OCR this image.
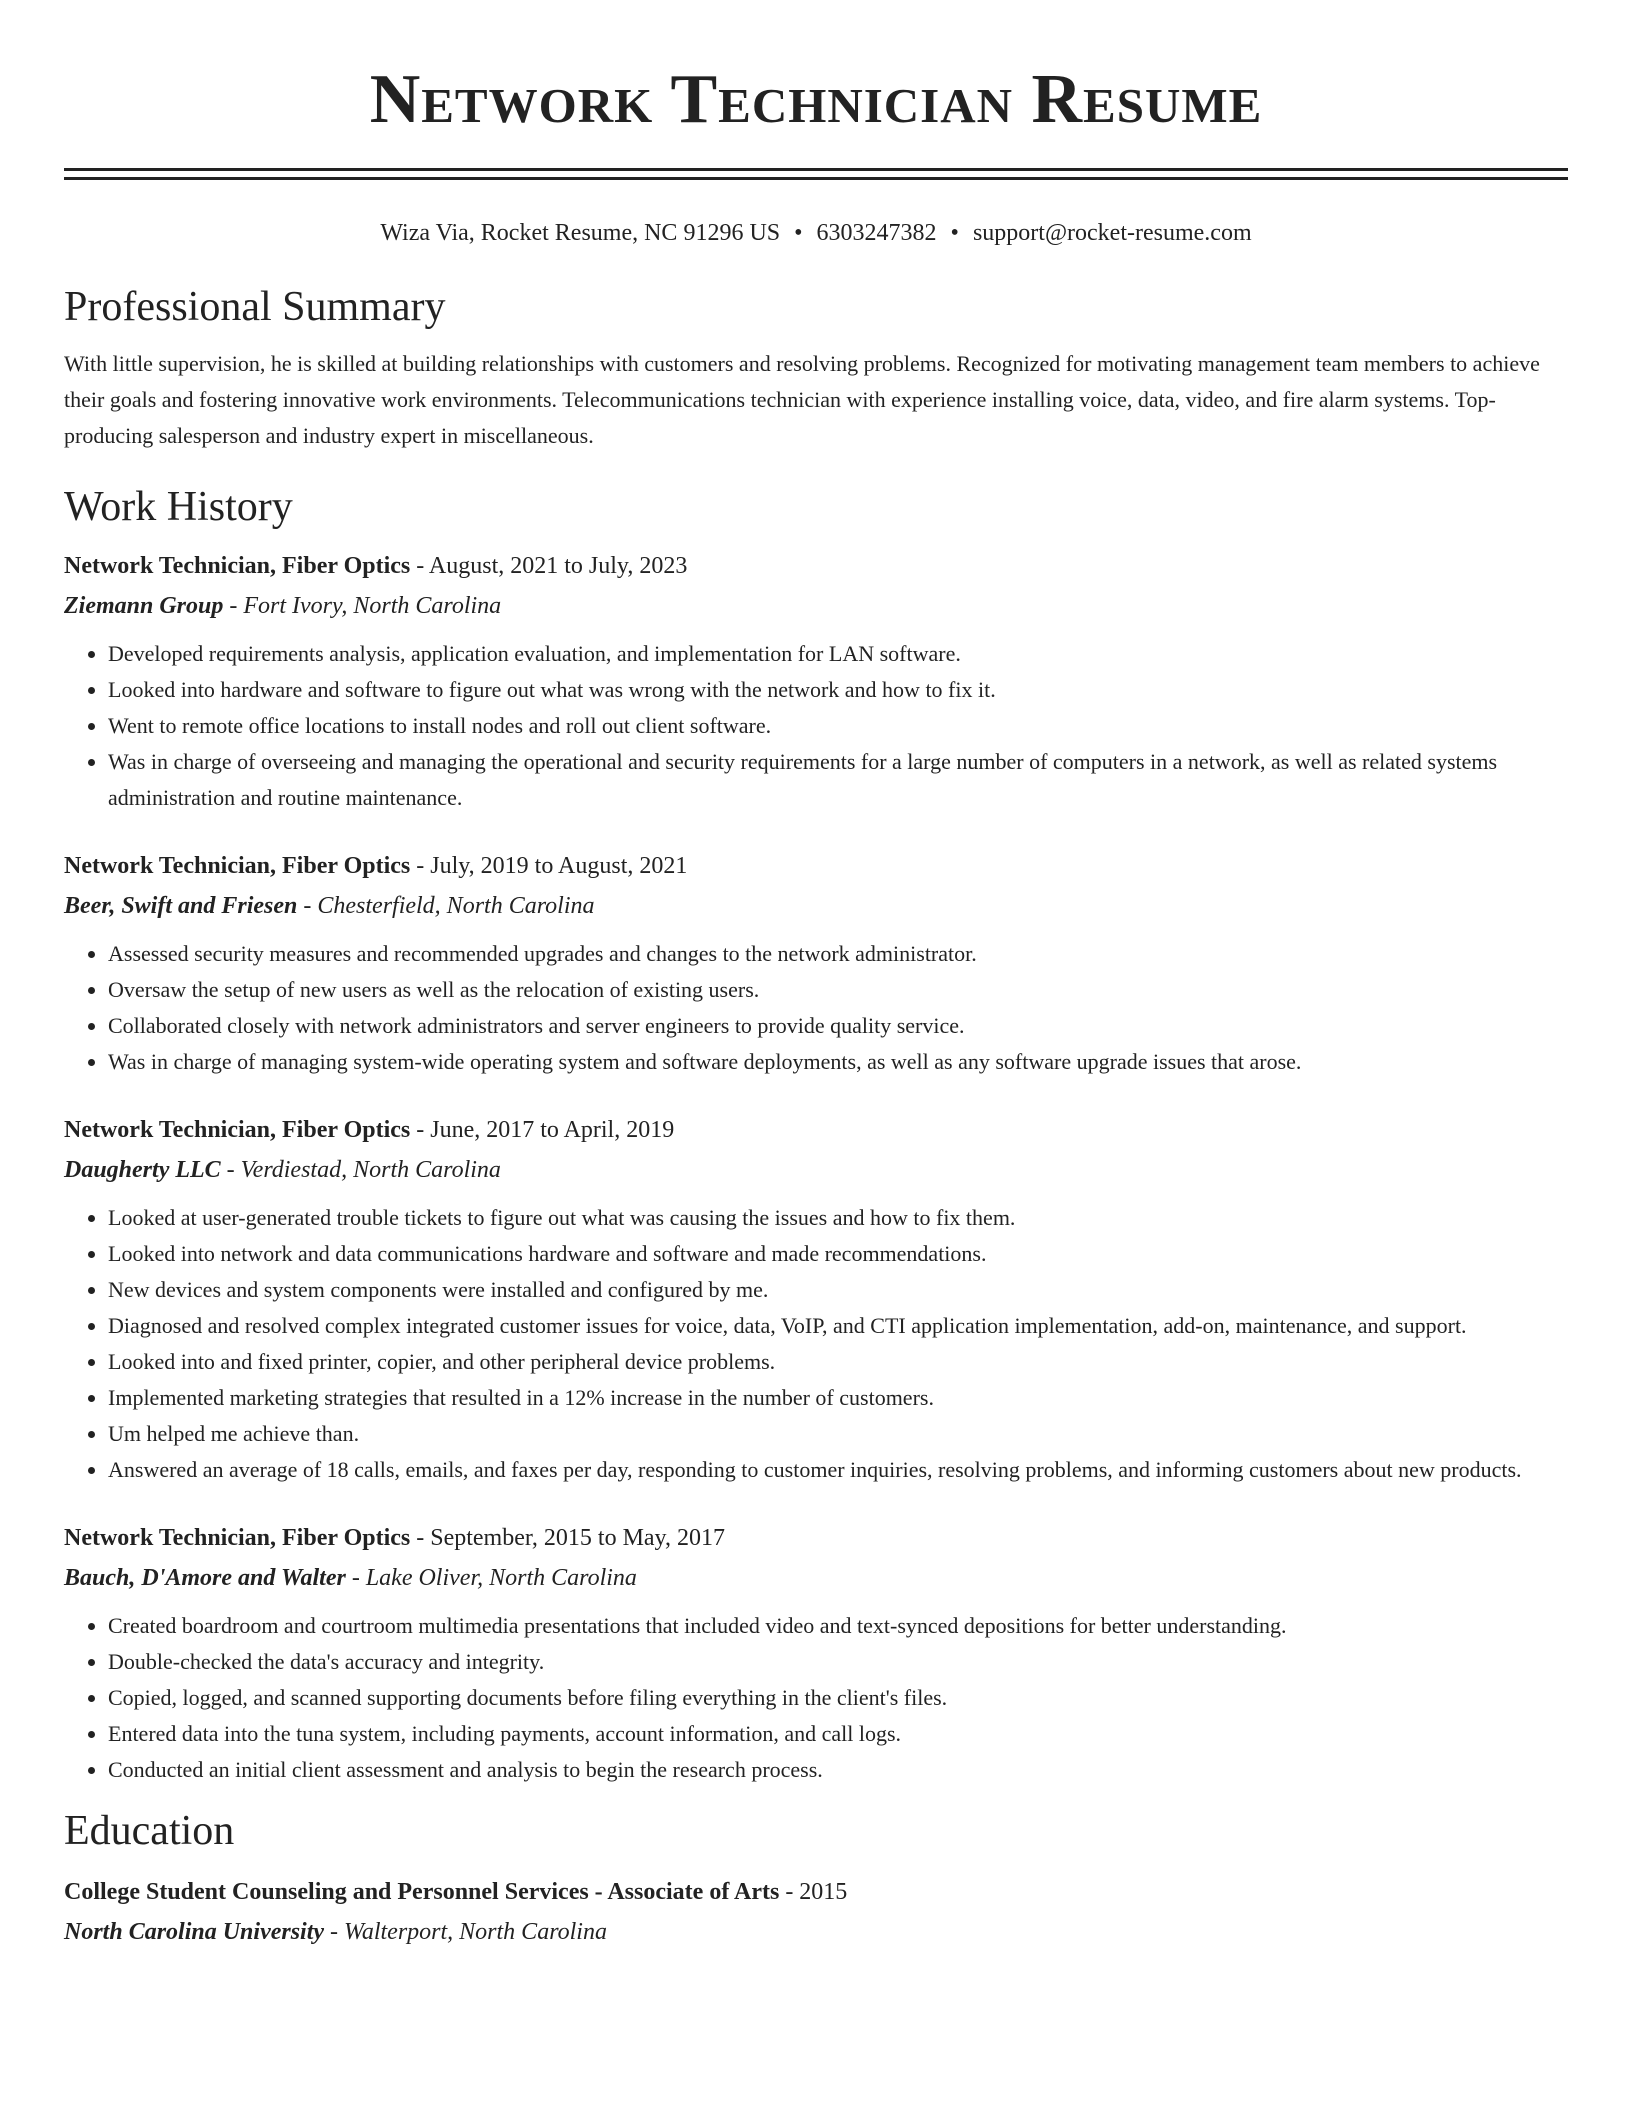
Network Technician Resume
Wiza Via, Rocket Resume, NC 91296 US • 6303247382 • support@rocket-resume.com
Professional Summary

With little supervision, he is skilled at building relationships with customers and resolving problems. Recognized for motivating management team members to achieve their goals and fostering innovative work environments. Telecommunications technician with experience installing voice, data, video, and fire alarm systems. Top-producing salesperson and industry expert in miscellaneous.

Work History
Network Technician, Fiber Optics - August, 2021 to July, 2023
Ziemann Group - Fort Ivory, North Carolina
• Developed requirements analysis, application evaluation, and implementation for LAN software.
• Looked into hardware and software to figure out what was wrong with the network and how to fix it.
• Went to remote office locations to install nodes and roll out client software.
• Was in charge of overseeing and managing the operational and security requirements for a large number of computers in a network, as well as related systems administration and routine maintenance.
Network Technician, Fiber Optics - July, 2019 to August, 2021
Beer, Swift and Friesen - Chesterfield, North Carolina
• Assessed security measures and recommended upgrades and changes to the network administrator.
• Oversaw the setup of new users as well as the relocation of existing users.
• Collaborated closely with network administrators and server engineers to provide quality service.
• Was in charge of managing system-wide operating system and software deployments, as well as any software upgrade issues that arose.
Network Technician, Fiber Optics - June, 2017 to April, 2019
Daugherty LLC - Verdiestad, North Carolina
• Looked at user-generated trouble tickets to figure out what was causing the issues and how to fix them.
• Looked into network and data communications hardware and software and made recommendations.
• New devices and system components were installed and configured by me.
• Diagnosed and resolved complex integrated customer issues for voice, data, VoIP, and CTI application implementation, add-on, maintenance, and support.
• Looked into and fixed printer, copier, and other peripheral device problems.
• Implemented marketing strategies that resulted in a 12% increase in the number of customers.
• Um helped me achieve than.
• Answered an average of 18 calls, emails, and faxes per day, responding to customer inquiries, resolving problems, and informing customers about new products.
Network Technician, Fiber Optics - September, 2015 to May, 2017
Bauch, D'Amore and Walter - Lake Oliver, North Carolina
• Created boardroom and courtroom multimedia presentations that included video and text-synced depositions for better understanding.
• Double-checked the data's accuracy and integrity.
• Copied, logged, and scanned supporting documents before filing everything in the client's files.
• Entered data into the tuna system, including payments, account information, and call logs.
• Conducted an initial client assessment and analysis to begin the research process.
Education
College Student Counseling and Personnel Services - Associate of Arts - 2015
North Carolina University - Walterport, North Carolina
